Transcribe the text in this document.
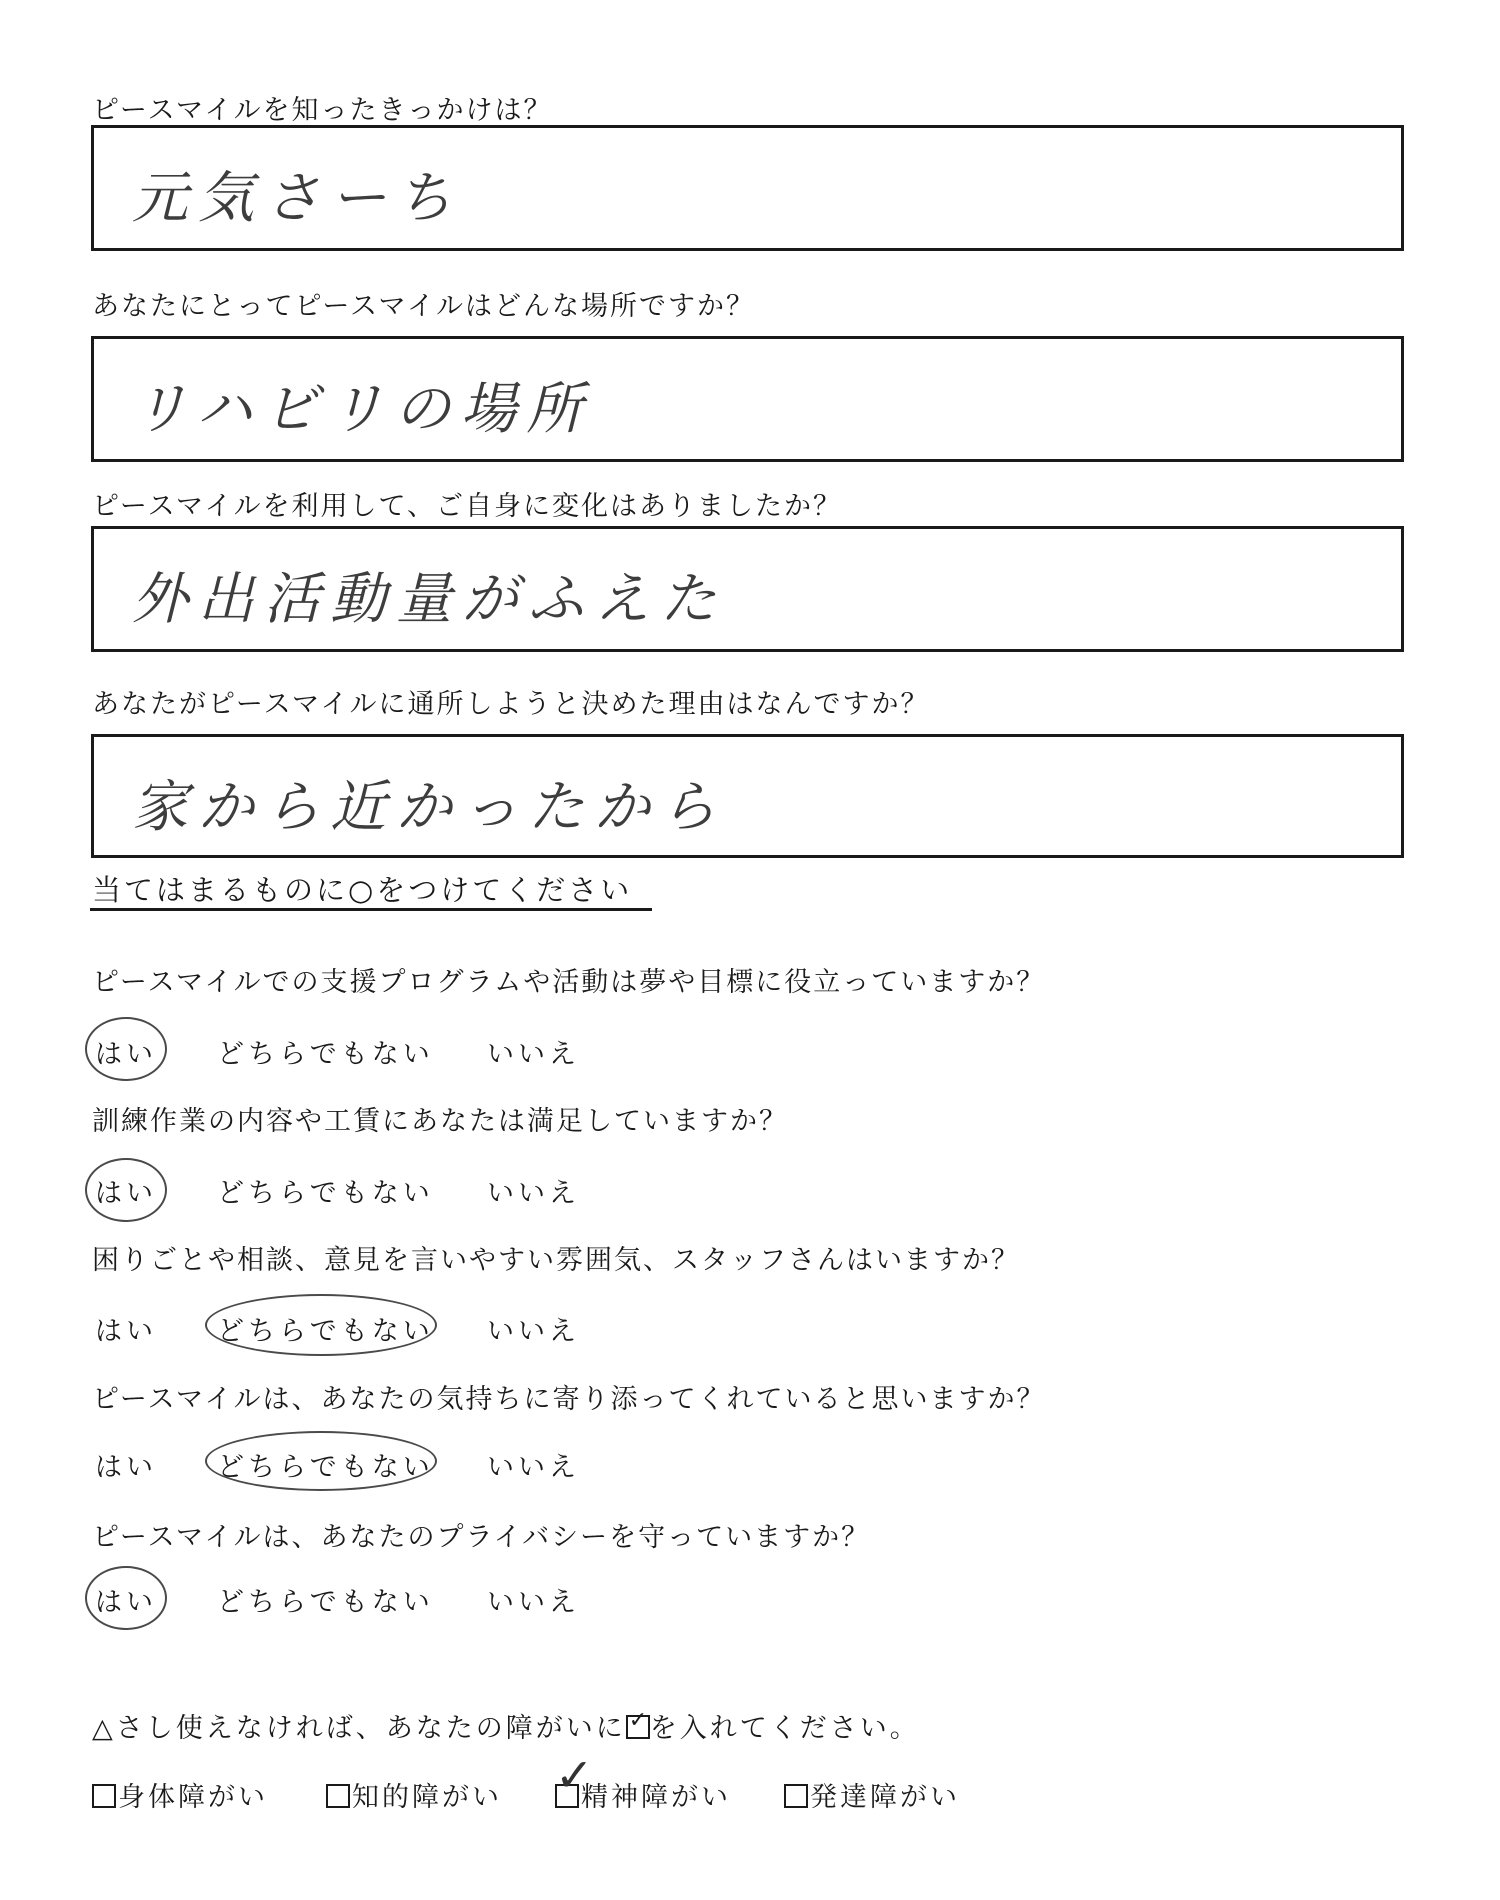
ピースマイルを知ったきっかけは？
元気さーち
あなたにとってピースマイルはどんな場所ですか？
リハビリの場所
ピースマイルを利用して、ご自身に変化はありましたか？
外出活動量がふえた
あなたがピースマイルに通所しようと決めた理由はなんですか？
家から近かったから
当てはまるものに○をつけてください
ピースマイルでの支援プログラムや活動は夢や目標に役立っていますか？
はい どちらでもない いいえ
訓練作業の内容や工賃にあなたは満足していますか？
はい どちらでもない いいえ
困りごとや相談、意見を言いやすい雰囲気、スタッフさんはいますか？
はい どちらでもない いいえ
ピースマイルは、あなたの気持ちに寄り添ってくれていると思いますか？
はい どちらでもない いいえ
ピースマイルは、あなたのプライバシーを守っていますか？
はい どちらでもない いいえ
△さし使えなければ、あなたの障がいに ✓ を入れてください。
身体障がい	知的障がい ✓
精神障がい	発達障がい
